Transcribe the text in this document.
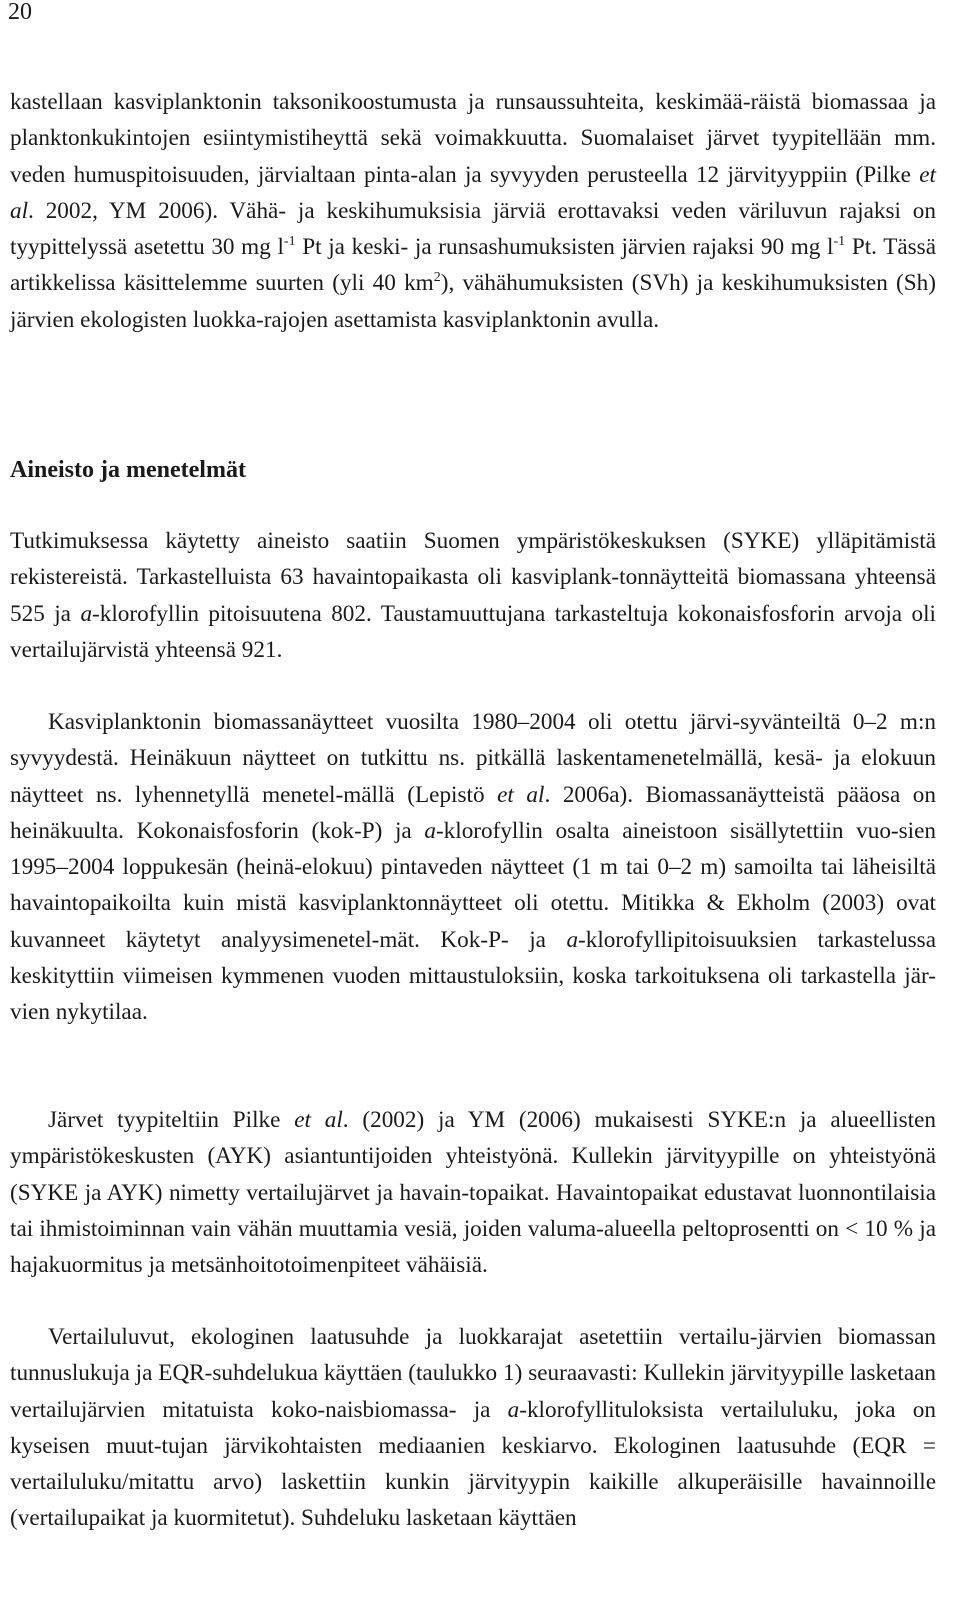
20

kastellaan kasviplanktonin taksonikoostumusta ja runsaussuhteita, keskimää-räistä biomassaa ja planktonkukintojen esiintymistiheyttä sekä voimakkuutta. Suomalaiset järvet tyypitellään mm. veden humuspitoisuuden, järvialtaan pinta-alan ja syvyyden perusteella 12 järvityyppiin (Pilke et al. 2002, YM 2006). Vähä- ja keskihumuksisia järviä erottavaksi veden väriluvun rajaksi on tyypittelyssä asetettu 30 mg $l^{-1}$ Pt ja keski- ja runsashumuksisten järvien rajaksi 90 mg $l^{-1}$ Pt. Tässä artikkelissa käsittelemme suurten (yli 40 $km^2$), vähähumuksisten (SVh) ja keskihumuksisten (Sh) järvien ekologisten luokka-rajojen asettamista kasviplanktonin avulla.

Aineisto ja menetelmät

Tutkimuksessa käytetty aineisto saatiin Suomen ympäristökeskuksen (SYKE) ylläpitämistä rekistereistä. Tarkastelluista 63 havaintopaikasta oli kasviplank-tonnäytteitä biomassana yhteensä 525 ja a-klorofyllin pitoisuutena 802. Taustamuuttujana tarkasteltuja kokonaisfosforin arvoja oli vertailujärvistä yhteensä 921.

Kasviplanktonin biomassanäytteet vuosilta 1980–2004 oli otettu järvi-syvänteiltä 0–2 m:n syvyydestä. Heinäkuun näytteet on tutkittu ns. pitkällä laskentamenetelmällä, kesä- ja elokuun näytteet ns. lyhennetyllä menetel-mällä (Lepistö et al. 2006a). Biomassanäytteistä pääosa on heinäkuulta. Kokonaisfosforin (kok-P) ja a-klorofyllin osalta aineistoon sisällytettiin vuo-sien 1995–2004 loppukesän (heinä-elokuu) pintaveden näytteet (1 m tai 0–2 m) samoilta tai läheisiltä havaintopaikoilta kuin mistä kasviplanktonnäytteet oli otettu. Mitikka & Ekholm (2003) ovat kuvanneet käytetyt analyysimenetel-mät. Kok-P- ja a-klorofyllipitoisuuksien tarkastelussa keskityttiin viimeisen kymmenen vuoden mittaustuloksiin, koska tarkoituksena oli tarkastella jär-vien nykytilaa.

Järvet tyypiteltiin Pilke et al. (2002) ja YM (2006) mukaisesti SYKE:n ja alueellisten ympäristökeskusten (AYK) asiantuntijoiden yhteistyönä. Kullekin järvityypille on yhteistyönä (SYKE ja AYK) nimetty vertailujärvet ja havain-topaikat. Havaintopaikat edustavat luonnontilaisia tai ihmistoiminnan vain vähän muuttamia vesiä, joiden valuma-alueella peltoprosentti on < 10 % ja hajakuormitus ja metsänhoitotoimenpiteet vähäisiä.

Vertailuluvut, ekologinen laatusuhde ja luokkarajat asetettiin vertailu-järvien biomassan tunnuslukuja ja EQR-suhdelukua käyttäen (taulukko 1) seuraavasti: Kullekin järvityypille lasketaan vertailujärvien mitatuista koko-naisbiomassa- ja a-klorofyllituloksista vertailuluku, joka on kyseisen muut-tujan järvikohtaisten mediaanien keskiarvo. Ekologinen laatusuhde (EQR = vertailuluku/mitattu arvo) laskettiin kunkin järvityypin kaikille alkuperäisille havainnoille (vertailupaikat ja kuormitetut). Suhdeluku lasketaan käyttäen
